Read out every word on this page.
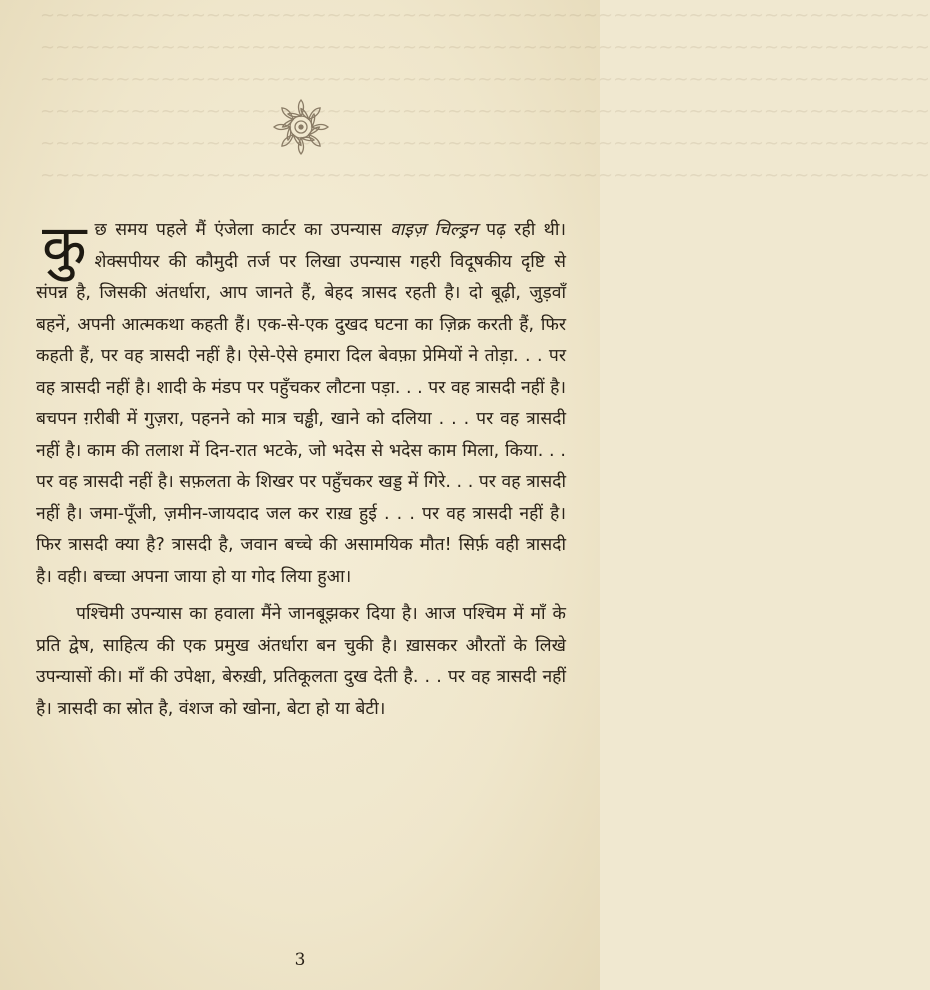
~~~~~~~~~~~~~~~~~~~~~~~~~~~~~~~~~~~~~~~~~~~~~~~~~~~~~~~~~~~
~~~~~~~~~~~~~~~~~~~~~~~~~~~~~~~~~~~~~~~~~~~~~~~~~~~~~~~~~~~
~~~~~~~~~~~~~~~~~~~~~~~~~~~~~~~~~~~~~~~~~~~~~~~~~~~~~~~~~~~
~~~~~~~~~~~~~~~~~~~~~~~~~~~~~~~~~~~~~~~~~~~~~~~~~~~~~~~~~~~
~~~~~~~~~~~~~~~~~~~~~~~~~~~~~~~~~~~~~~~~~~~~~~~~~~~~~~~~~~~
~~~~~~~~~~~~~~~~~~~~~~~~~~~~~~~~~~~~~~~~~~~~~~~~~~~~~~~~~~~

कु छ समय पहले मैं एंजेला कार्टर का उपन्यास वाइज़ चिल्ड्रन पढ़ रही थी। शेक्सपीयर की कौमुदी तर्ज पर लिखा उपन्यास गहरी विदूषकीय दृष्टि से संपन्न है, जिसकी अंतर्धारा, आप जानते हैं, बेहद त्रासद रहती है। दो बूढ़ी, जुड़वाँ बहनें, अपनी आत्मकथा कहती हैं। एक-से-एक दुखद घटना का ज़िक्र करती हैं, फिर कहती हैं, पर वह त्रासदी नहीं है। ऐसे-ऐसे हमारा दिल बेवफ़ा प्रेमियों ने तोड़ा. . . पर वह त्रासदी नहीं है। शादी के मंडप पर पहुँचकर लौटना पड़ा. . . पर वह त्रासदी नहीं है। बचपन ग़रीबी में गुज़रा, पहनने को मात्र चड्ढी, खाने को दलिया . . . पर वह त्रासदी नहीं है। काम की तलाश में दिन-रात भटके, जो भदेस से भदेस काम मिला, किया. . . पर वह त्रासदी नहीं है। सफ़लता के शिखर पर पहुँचकर खड्ड में गिरे. . . पर वह त्रासदी नहीं है। जमा-पूँजी, ज़मीन-जायदाद जल कर राख़ हुई . . . पर वह त्रासदी नहीं है। फिर त्रासदी क्या है? त्रासदी है, जवान बच्चे की असामयिक मौत! सिर्फ़ वही त्रासदी है। वही। बच्चा अपना जाया हो या गोद लिया हुआ।

पश्चिमी उपन्यास का हवाला मैंने जानबूझकर दिया है। आज पश्चिम में माँ के प्रति द्वेष, साहित्य की एक प्रमुख अंतर्धारा बन चुकी है। ख़ासकर औरतों के लिखे उपन्यासों की। माँ की उपेक्षा, बेरुख़ी, प्रतिकूलता दुख देती है. . . पर वह त्रासदी नहीं है। त्रासदी का स्रोत है, वंशज को खोना, बेटा हो या बेटी।

3
